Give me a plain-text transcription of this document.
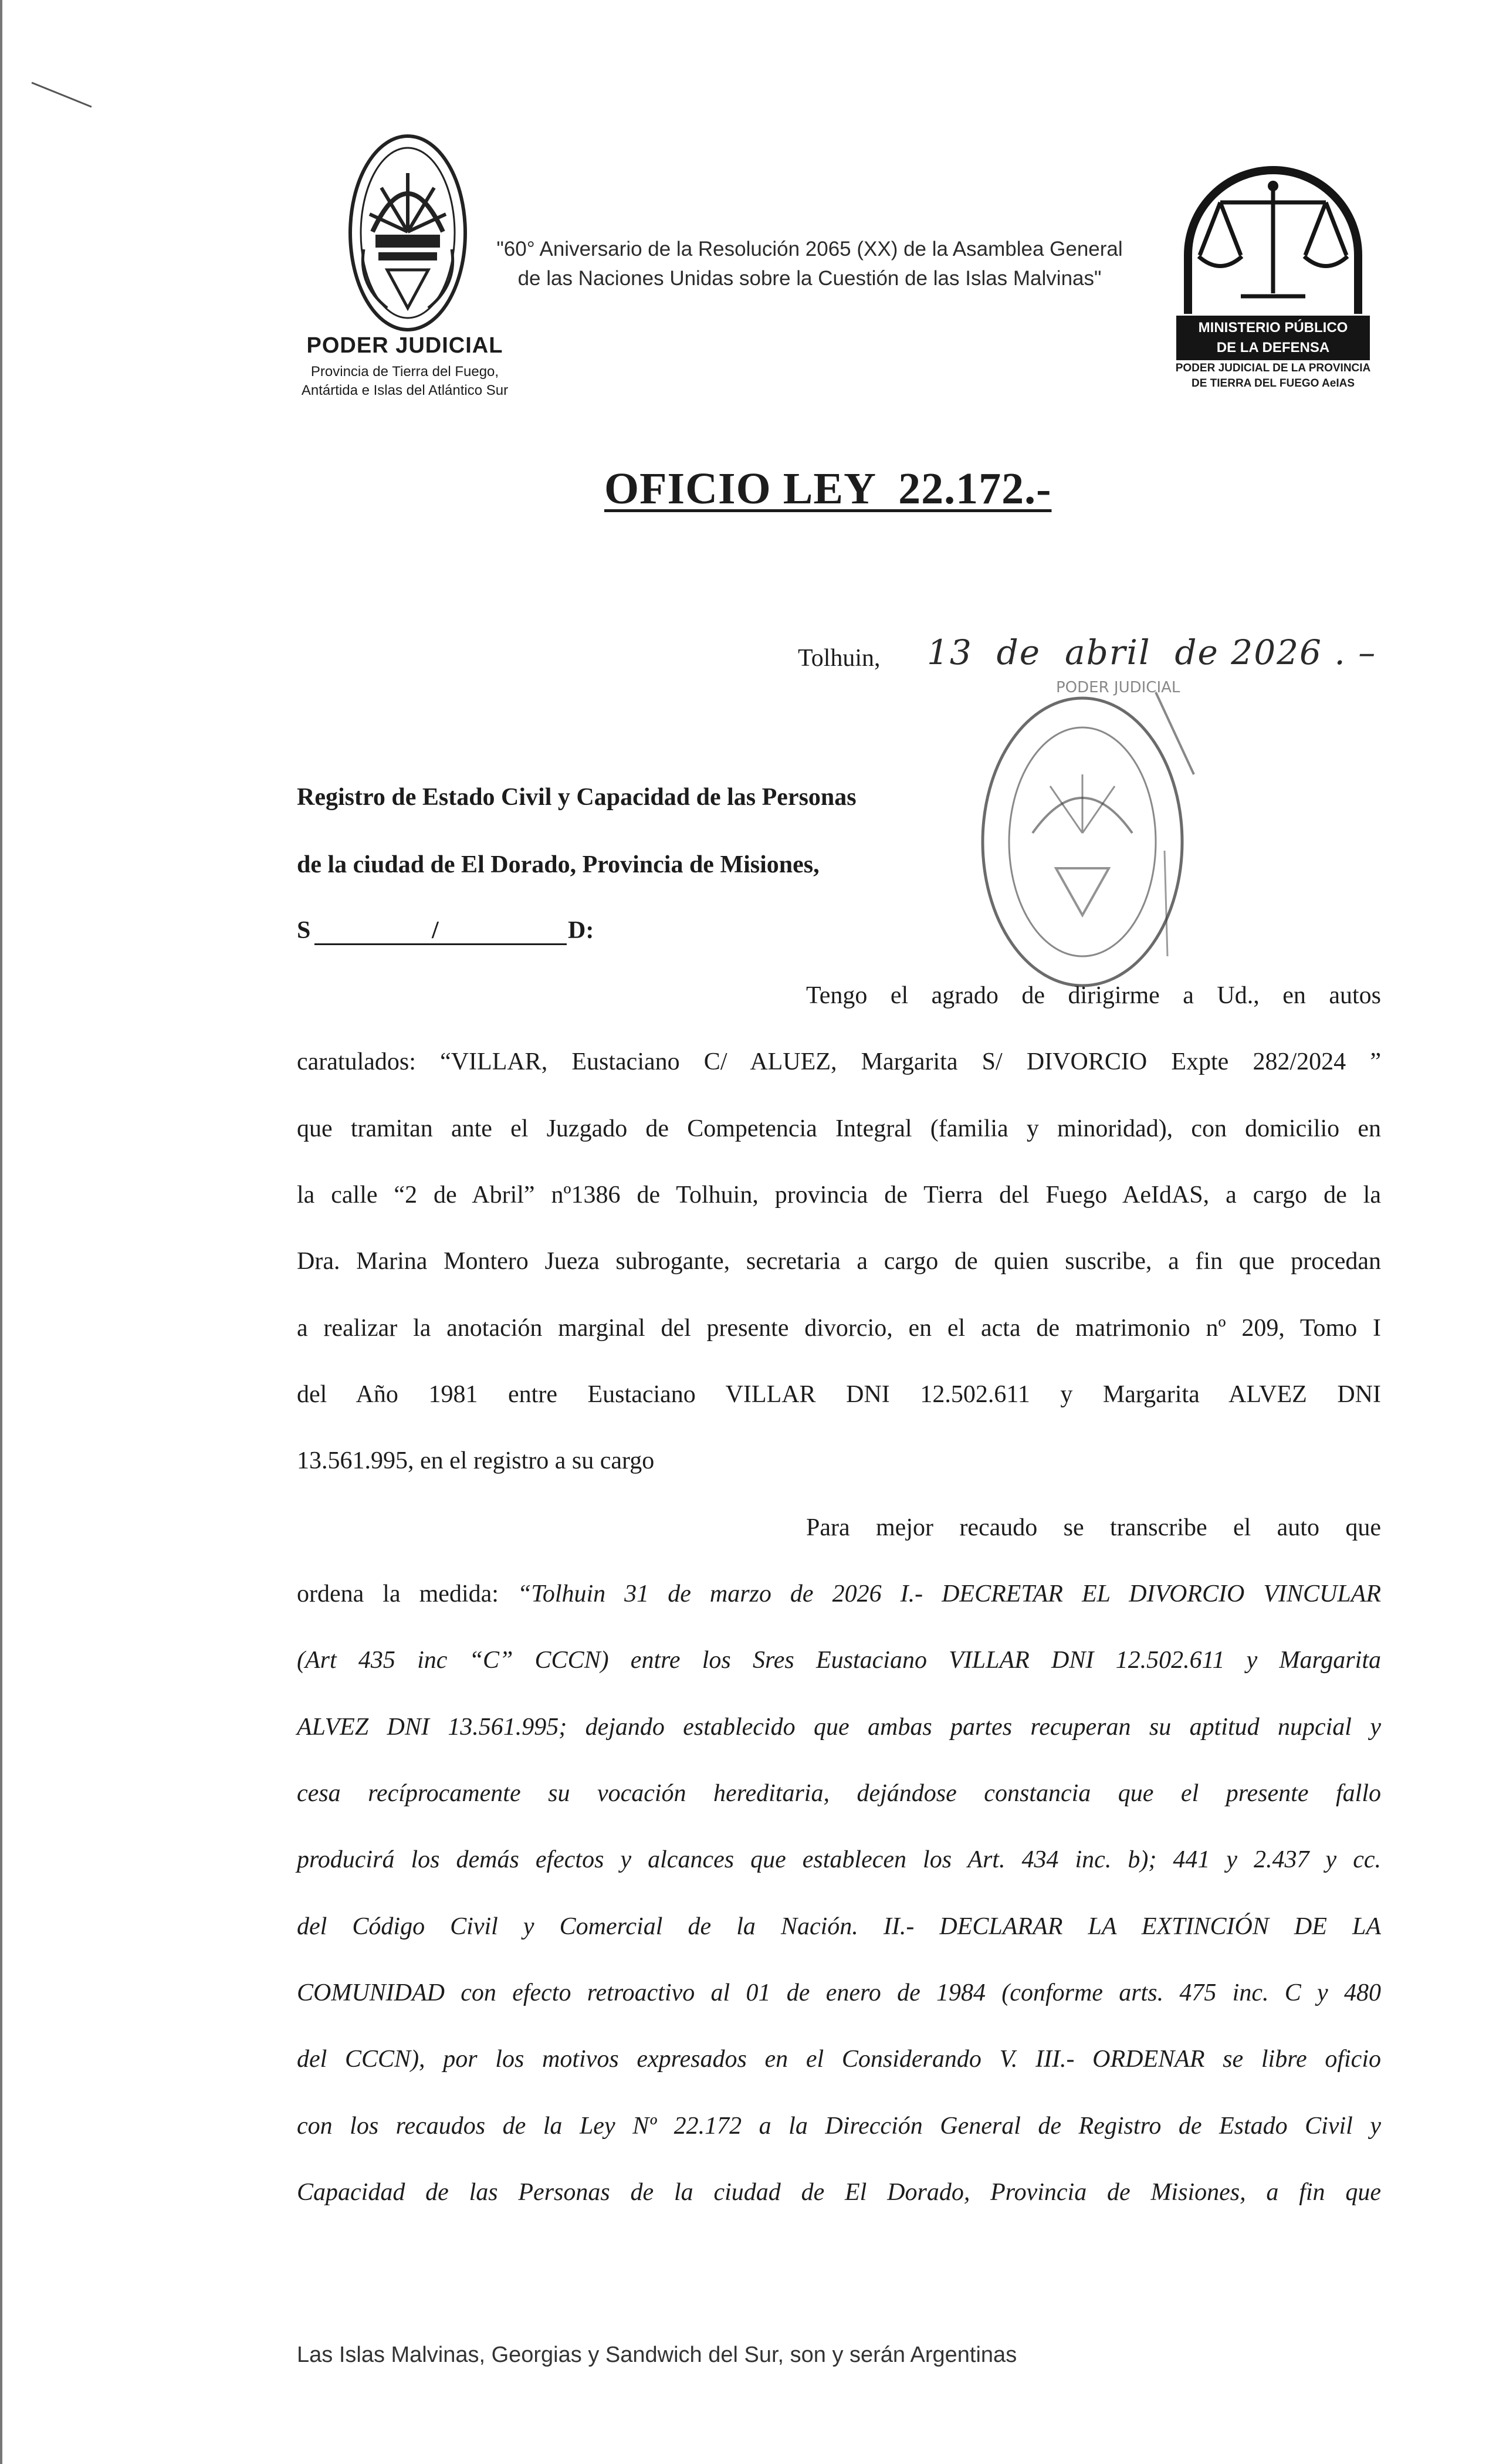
PODER JUDICIAL
Provincia de Tierra del Fuego,
Antártida e Islas del Atlántico Sur
"60° Aniversario de la Resolución 2065 (XX) de la Asamblea General
de las Naciones Unidas sobre la Cuestión de las Islas Malvinas"
MINISTERIO PÚBLICO
DE LA DEFENSA
PODER JUDICIAL DE LA PROVINCIA
DE TIERRA DEL FUEGO AeIAS
OFICIO LEY  22.172.-
Tolhuin, 13  de  abril  de 2026 . –
PODER JUDICIAL
Registro de Estado Civil y Capacidad de las Personas
de la ciudad de El Dorado, Provincia de Misiones,
S	/	D:
Tengo el agrado de dirigirme a Ud., en autos
caratulados: “VILLAR, Eustaciano C/ ALUEZ, Margarita S/ DIVORCIO Expte 282/2024 ”
que tramitan ante el Juzgado de Competencia Integral (familia y minoridad), con domicilio en
la calle “2 de Abril” nº1386 de Tolhuin, provincia de Tierra del Fuego AeIdAS, a cargo de la
Dra. Marina Montero Jueza subrogante, secretaria a cargo de quien suscribe, a fin que procedan
a realizar la anotación marginal del presente divorcio, en el acta de matrimonio nº 209, Tomo I
del Año 1981 entre Eustaciano VILLAR DNI 12.502.611 y Margarita ALVEZ DNI
13.561.995, en el registro a su cargo
Para mejor recaudo se transcribe el auto que
ordena la medida: “Tolhuin 31 de marzo de 2026 I.- DECRETAR EL DIVORCIO VINCULAR
(Art 435 inc “C” CCCN) entre los Sres Eustaciano VILLAR DNI 12.502.611 y Margarita
ALVEZ DNI 13.561.995; dejando establecido que ambas partes recuperan su aptitud nupcial y
cesa recíprocamente su vocación hereditaria, dejándose constancia que el presente fallo
producirá los demás efectos y alcances que establecen los Art. 434 inc. b); 441 y 2.437 y cc.
del Código Civil y Comercial de la Nación. II.- DECLARAR LA EXTINCIÓN DE LA
COMUNIDAD con efecto retroactivo al 01 de enero de 1984 (conforme arts. 475 inc. C y 480
del CCCN), por los motivos expresados en el Considerando V. III.- ORDENAR se libre oficio
con los recaudos de la Ley Nº 22.172 a la Dirección General de Registro de Estado Civil y
Capacidad de las Personas de la ciudad de El Dorado, Provincia de Misiones, a fin que
Las Islas Malvinas, Georgias y Sandwich del Sur, son y serán Argentinas
